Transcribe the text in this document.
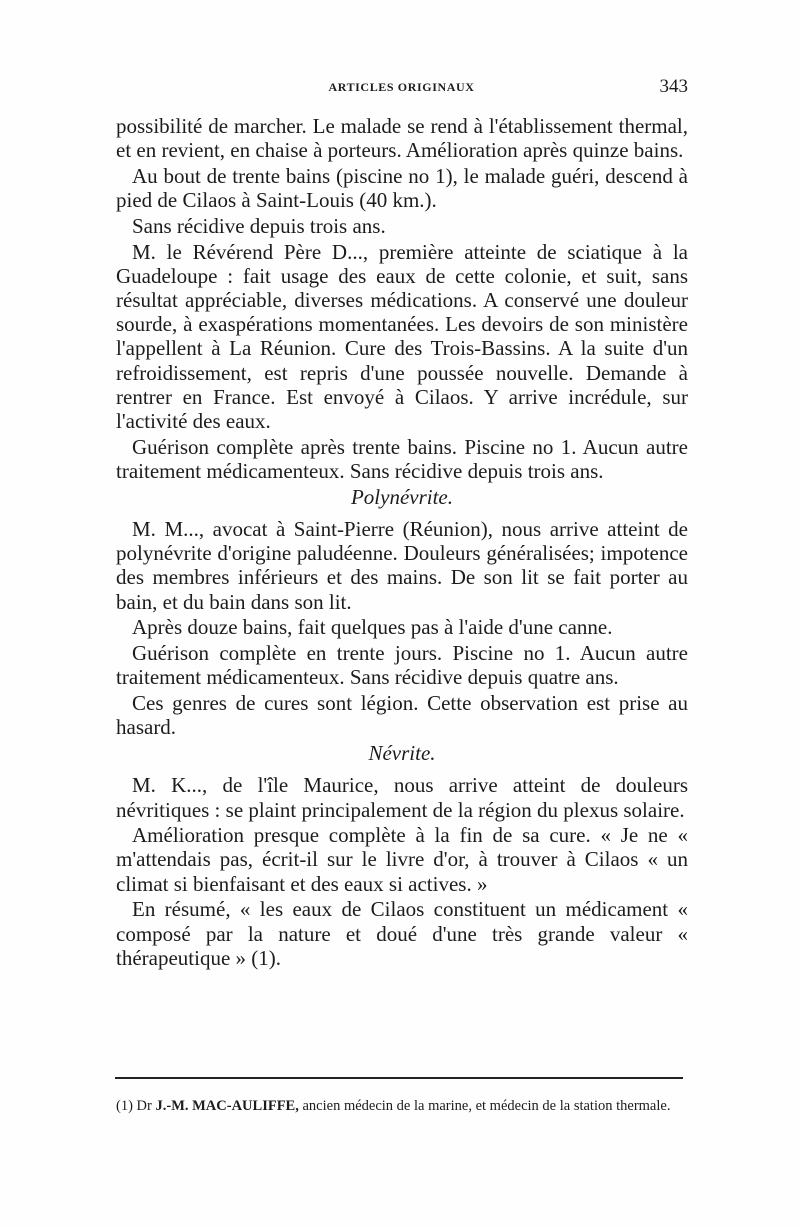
ARTICLES ORIGINAUX	343

possibilité de marcher. Le malade se rend à l'établissement thermal, et en revient, en chaise à porteurs. Amélioration après quinze bains.

Au bout de trente bains (piscine no 1), le malade guéri, descend à pied de Cilaos à Saint-Louis (40 km.).

Sans récidive depuis trois ans.

M. le Révérend Père D..., première atteinte de sciatique à la Guadeloupe : fait usage des eaux de cette colonie, et suit, sans résultat appréciable, diverses médications. A conservé une douleur sourde, à exaspérations momentanées. Les devoirs de son ministère l'appellent à La Réunion. Cure des Trois-Bassins. A la suite d'un refroidissement, est repris d'une poussée nouvelle. Demande à rentrer en France. Est envoyé à Cilaos. Y arrive incrédule, sur l'activité des eaux.

Guérison complète après trente bains. Piscine no 1. Aucun autre traitement médicamenteux. Sans récidive depuis trois ans.

Polynévrite.

M. M..., avocat à Saint-Pierre (Réunion), nous arrive atteint de polynévrite d'origine paludéenne. Douleurs généralisées; impotence des membres inférieurs et des mains. De son lit se fait porter au bain, et du bain dans son lit.

Après douze bains, fait quelques pas à l'aide d'une canne.

Guérison complète en trente jours. Piscine no 1. Aucun autre traitement médicamenteux. Sans récidive depuis quatre ans.

Ces genres de cures sont légion. Cette observation est prise au hasard.

Névrite.

M. K..., de l'île Maurice, nous arrive atteint de douleurs névritiques : se plaint principalement de la région du plexus solaire.

Amélioration presque complète à la fin de sa cure. « Je ne « m'attendais pas, écrit-il sur le livre d'or, à trouver à Cilaos « un climat si bienfaisant et des eaux si actives. »

En résumé, « les eaux de Cilaos constituent un médicament « composé par la nature et doué d'une très grande valeur « thérapeutique » (1).

(1) Dr J.-M. MAC-AULIFFE, ancien médecin de la marine, et médecin de la station thermale.
